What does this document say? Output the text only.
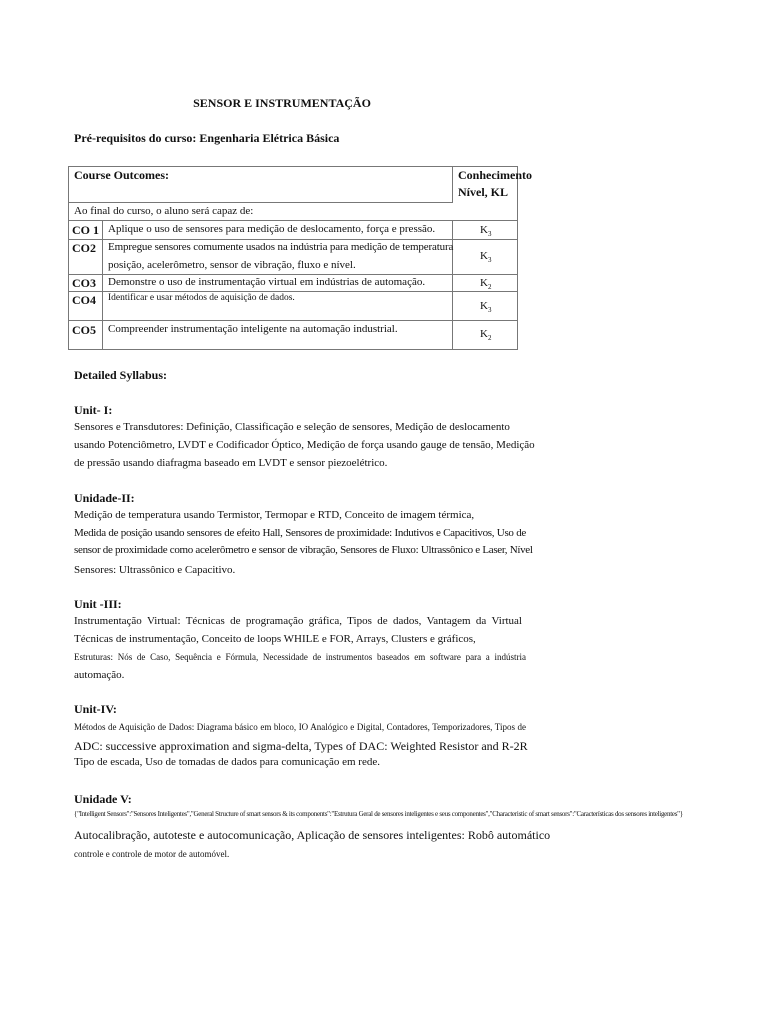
SENSOR E INSTRUMENTAÇÃO

Pré-requisitos do curso: Engenharia Elétrica Básica

Course Outcomes:	Conhecimento
Nível, KL
Ao final do curso, o aluno será capaz de:
CO 1 Aplique o uso de sensores para medição de deslocamento, força e pressão.	$K_3$
CO2 Empregue sensores comumente usados na indústria para medição de temperatura
posição, acelerômetro, sensor de vibração, fluxo e nível.
$K_3$
CO3 Demonstre o uso de instrumentação virtual em indústrias de automação.	$K_2$
CO4 Identificar e usar métodos de aquisição de dados.
$K_3$
CO5 Compreender instrumentação inteligente na automação industrial.	$K_2$

Detailed Syllabus:

Unit- I:

Sensores e Transdutores: Definição, Classificação e seleção de sensores, Medição de deslocamento

usando Potenciômetro, LVDT e Codificador Óptico, Medição de força usando gauge de tensão, Medição

de pressão usando diafragma baseado em LVDT e sensor piezoelétrico.

Unidade-II:

Medição de temperatura usando Termistor, Termopar e RTD, Conceito de imagem térmica,

Medida de posição usando sensores de efeito Hall, Sensores de proximidade: Indutivos e Capacitivos, Uso de

sensor de proximidade como acelerômetro e sensor de vibração, Sensores de Fluxo: Ultrassônico e Laser, Nível

Sensores: Ultrassônico e Capacitivo.

Unit -III:

Instrumentação Virtual: Técnicas de programação gráfica, Tipos de dados, Vantagem da Virtual

Técnicas de instrumentação, Conceito de loops WHILE e FOR, Arrays, Clusters e gráficos,

Estruturas: Nós de Caso, Sequência e Fórmula, Necessidade de instrumentos baseados em software para a indústria

automação.

Unit-IV:

Métodos de Aquisição de Dados: Diagrama básico em bloco, IO Analógico e Digital, Contadores, Temporizadores, Tipos de

ADC: successive approximation and sigma-delta, Types of DAC: Weighted Resistor and R-2R

Tipo de escada, Uso de tomadas de dados para comunicação em rede.

Unidade V:

{"Intelligent Sensors":"Sensores Inteligentes","General Structure of smart sensors & its components":"Estrutura Geral de sensores inteligentes e seus componentes","Characteristic of smart sensors":"Características dos sensores inteligentes"}

Autocalibração, autoteste e autocomunicação, Aplicação de sensores inteligentes: Robô automático

controle e controle de motor de automóvel.
